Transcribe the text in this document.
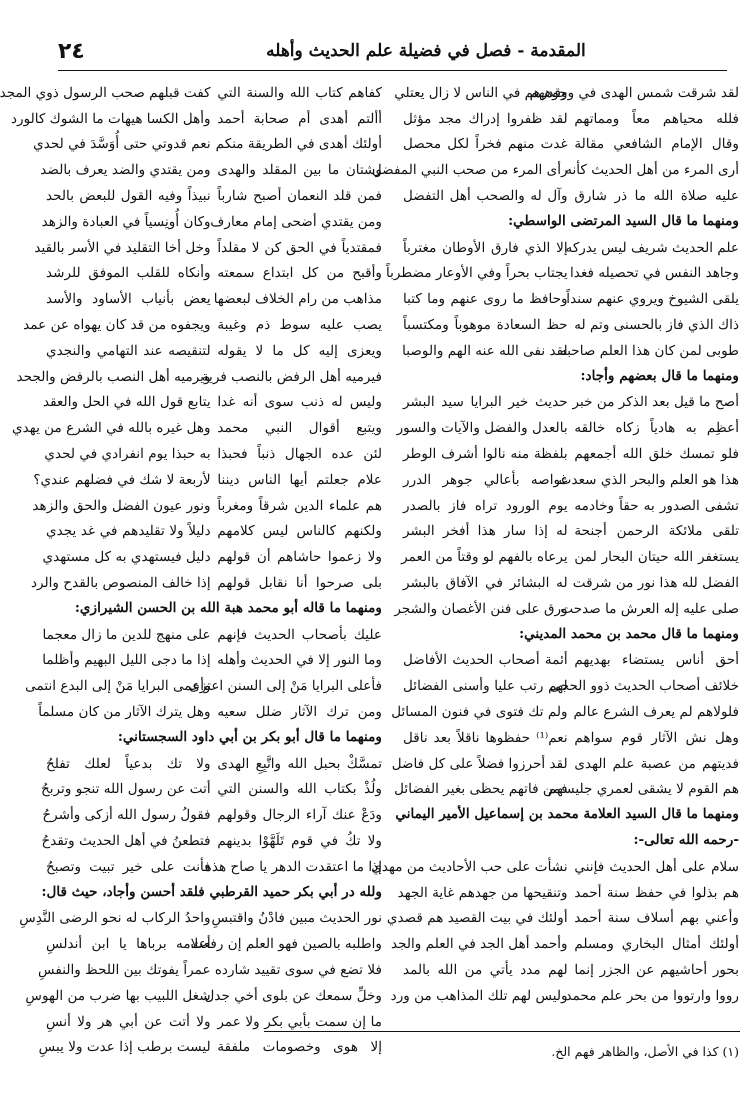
المقدمة - فصل في فضيلة علم الحديث وأهله
٢٤
لقد شرقت شمس الهدى في وجوههم
وقدرهم في الناس لا زال يعتلي
فلله محياهم معاً ومماتهم
لقد ظفروا إدراك مجد مؤثل
وقال الإمام الشافعي مقالة
غدت منهم فخراً لكل محصل
أرى المرء من أهل الحديث كأنه
رأى المرء من صحب النبي المفضل
عليه صلاة الله ما ذر شارق
وآل له والصحب أهل التفضل
ومنهما ما قال السيد المرتضى الواسطي:
علم الحديث شريف ليس يدركه
إلا الذي فارق الأوطان مغترباً
وجاهد النفس في تحصيله فغدا
يجتاب بحراً وفي الأوعار مضطرباً
يلقى الشيوخ ويروي عنهم سنداً
وحافظ ما روى عنهم وما كتبا
ذاك الذي فاز بالحسنى وتم له
حظ السعادة موهوباً ومكتسباً
طوبى لمن كان هذا العلم صاحبه
لقد نفى الله عنه الهم والوصبا
ومنهما ما قال بعضهم وأجاد:
أصح ما قيل بعد الذكر من خبر
حديث خير البرايا سيد البشر
أعظِم به هادياً زكاه خالقه
بالعدل والفضل والآيات والسور
فلو تمسك خلق الله أجمعهم
بلفظة منه نالوا أشرف الوطر
هذا هو العلم والبحر الذي سعدت
غواصه بأعالي جوهر الدرر
تشفى الصدور به حقاً وخادمه
يوم الورود تراه فاز بالصدر
تلقى ملائكة الرحمن أجنحة
له إذا سار هذا أفخر البشر
يستغفر الله حيتان البحار لمن
يرعاه بالفهم لو وقتاً من العمر
الفضل لله هذا نور من شرقت
له البشائر في الآفاق بالبشر
صلى عليه إله العرش ما صدحت
ورق على فنن الأغصان والشجر
ومنهما ما قال محمد بن محمد المديني:
أحق أناس يستضاء بهديهم
أئمة أصحاب الحديث الأفاضل
خلائف أصحاب الحديث ذوو الحجى
لهم رتب عليا وأسنى الفضائل
فلولاهم لم يعرف الشرع عالم
ولم تك فتوى في فنون المسائل
وهل نش الآثار قوم سواهم
نعم⁽¹⁾ حفظوها ناقلاً بعد ناقل
فديتهم من عصبة علم الهدى
لقد أحرزوا فضلاً على كل فاضل
هم القوم لا يشقى لعمري جليسهم
فمن فاتهم يحظى بغير الفضائل
ومنهما ما قال السيد العلامة محمد بن إسماعيل الأمير اليماني
-رحمه الله تعالى-:
سلام على أهل الحديث فإنني
نشأت على حب الأحاديث من مهدي
هم بذلوا في حفظ سنة أحمد
وتنقيحها من جهدهم غاية الجهد
وأعني بهم أسلاف سنة أحمد
أولئك في بيت القصيد هم قصدي
أولئك أمثال البخاري ومسلم
وأحمد أهل الجد في العلم والجد
بحور أحاشيهم عن الجزر إنما
لهم مدد يأتي من الله بالمد
رووا وارتووا من بحر علم محمد
وليس لهم تلك المذاهب من ورد
كفاهم كتاب الله والسنة التي
كفت قبلهم صحب الرسول ذوي المجد
أألتم أهدى أم صحابة أحمد
وأهل الكسا هيهات ما الشوك كالورد
أولئك أهدى في الطريقة منكم
نعم قدوتي حتى أُوَسَّدَ في لحدي
وشتان ما بين المقلد والهدى
ومن يقتدي والضد يعرف بالضد
فمن قلد النعمان أصبح شارباً
نبيذاً وفيه القول للبعض بالحد
ومن يقتدي أضحى إمام معارف
وكان أُونِسياً في العبادة والزهد
فمقتدياً في الحق كن لا مقلداً
وخل أخا التقليد في الأسر بالقيد
وأقبح من كل ابتداع سمعته
وأنكاه للقلب الموفق للرشد
مذاهب من رام الخلاف لبعضها
يعض بأنياب الأساود والأسد
يصب عليه سوط ذم وغيبة
ويجفوه من قد كان يهواه عن عمد
ويعزى إليه كل ما لا يقوله
لتنقيصه عند التهامي والنجدي
فيرميه أهل الرفض بالنصب فرية
ويرميه أهل النصب بالرفض والجحد
وليس له ذنب سوى أنه غدا
يتابع قول الله في الحل والعقد
ويتبع أقوال النبي محمد
وهل غيره بالله في الشرع من يهدي
لئن عده الجهال ذنباً فحبذا
به حبذا يوم انفرادي في لحدي
علام جعلتم أيها الناس ديننا
لأربعة لا شك في فضلهم عندي؟
هم علماء الدين شرقاً ومغرباً
ونور عيون الفضل والحق والزهد
ولكنهم كالناس ليس كلامهم
دليلاً ولا تقليدهم في غد يجدي
ولا زعموا حاشاهم أن قولهم
دليل فيستهدي به كل مستهدي
بلى صرحوا أنا نقابل قولهم
إذا خالف المنصوص بالقدح والرد
ومنهما ما قاله أبو محمد هبة الله بن الحسن الشيرازي:
عليك بأصحاب الحديث فإنهم
على منهج للدين ما زال معجما
وما النور إلا في الحديث وأهله
إذا ما دجى الليل البهيم وأظلما
فأعلى البرايا مَنْ إلى السنن اعتزى
وأعمى البرايا مَنْ إلى البدع انتمى
ومن ترك الآثار ضلل سعيه
وهل يترك الآثار من كان مسلماً
ومنهما ما قال أبو بكر بن أبي داود السجستاني:
تمسَّكْ بحبل الله واتَّبِعِ الهدى
ولا تك بدعياً لعلك تفلحُ
ولُذْ بكتاب الله والسنن التي
أتت عن رسول الله تنجو وتربحُ
ودَعْ عنك آراء الرجال وقولهم
فقولُ رسول الله أزكى وأشرحُ
ولا تكُ في قوم تَلَهَّوْا بدينهم
فتطعنُ في أهل الحديث وتقدحُ
إذا ما اعتقدت الدهر يا صاح هذه
فأنت على خير تبيت وتصبحُ
ولله در أبي بكر حميد القرطبي فلقد أحسن وأجاد، حيث قال:
نور الحديث مبين فادْنُ واقتبسِ
واحدُ الركاب له نحو الرضى النَّدِسِ
واطلبه بالصين فهو العلم إن رفعت
أعلامه برباها يا ابن أندلسِ
فلا تضع في سوى تقييد شارده
عمراً يفوتك بين اللحظ والنفسِ
وخلِّ سمعك عن بلوى أخي جدل
شغل اللبيب بها ضرب من الهوسِ
ما إن سمت بأبي بكر ولا عمر
ولا أتت عن أبي هر ولا أنسِ
إلا هوى وخصومات ملفقة
ليست برطب إذا عدت ولا يبسِ	(١) كذا في الأصل، والظاهر فهم الخ.
